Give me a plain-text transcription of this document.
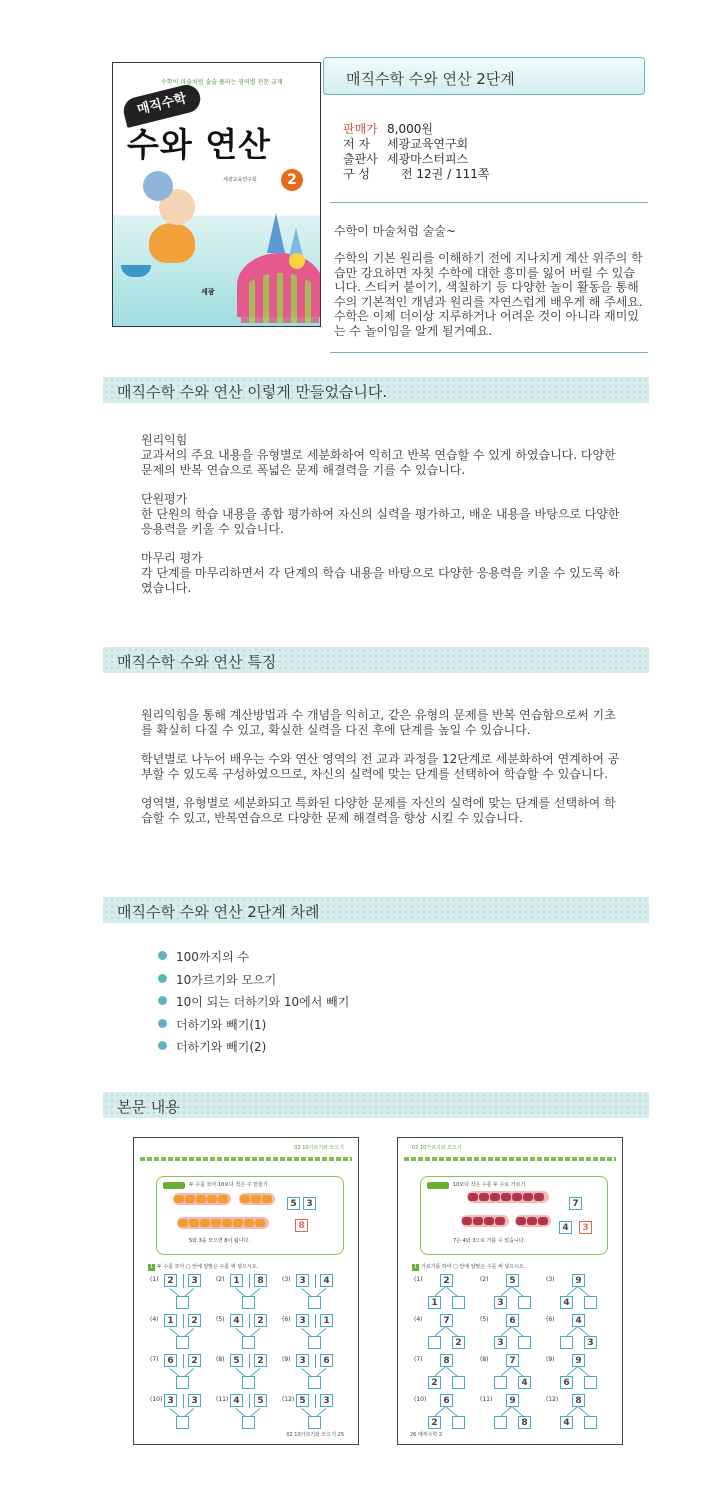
수학이 마술처럼 술술 풀리는 영역별 전문 교재
매직수학
수와 연산
세광교육연구회	2
세광
매직수학 수와 연산 2단계
판매가 8,000원
저 자 세광교육연구회
출판사 세광마스터피스
구 성	전 12권 / 111쪽
수학이 마술처럼 술술~
수학의 기본 원리를 이해하기 전에 지나치게 계산 위주의 학습만 강요하면 자칫 수학에 대한 흥미를 잃어 버릴 수 있습니다. 스티커 붙이기, 색칠하기 등 다양한 놀이 활동을 통해 수의 기본적인 개념과 원리를 자연스럽게 배우게 해 주세요. 수학은 이제 더이상 지루하거나 어려운 것이 아니라 재미있는 수 놀이임을 알게 될거예요.
매직수학 수와 연산 이렇게 만들었습니다.
원리익힘
교과서의 주요 내용을 유형별로 세분화하여 익히고 반복 연습할 수 있게 하였습니다. 다양한 문제의 반복 연습으로 폭넓은 문제 해결력을 기를 수 있습니다.
단원평가
한 단원의 학습 내용을 종합 평가하여 자신의 실력을 평가하고, 배운 내용을 바탕으로 다양한 응용력을 키울 수 있습니다.
마무리 평가
각 단계를 마무리하면서 각 단계의 학습 내용을 바탕으로 다양한 응용력을 키울 수 있도록 하였습니다.
매직수학 수와 연산 특징
원리익힘을 통해 계산방법과 수 개념을 익히고, 같은 유형의 문제를 반복 연습함으로써 기초를 확실히 다질 수 있고, 확실한 실력을 다진 후에 단계를 높일 수 있습니다.
학년별로 나누어 배우는 수와 연산 영역의 전 교과 과정을 12단계로 세분화하여 연계하여 공부할 수 있도록 구성하였으므로, 자신의 실력에 맞는 단계를 선택하여 학습할 수 있습니다.
영역별, 유형별로 세분화되고 특화된 다양한 문제를 자신의 실력에 맞는 단계를 선택하여 학습할 수 있고, 반복연습으로 다양한 문제 해결력을 향상 시킬 수 있습니다.
매직수학 수와 연산 2단계 차례
100까지의 수
10가르기와 모으기
10이 되는 더하기와 10에서 빼기
더하기와 빼기(1)
더하기와 빼기(2)
본문 내용
02 10가르기와 모으기
두 수를 모아 10보다 작은 수 만들기
5	3
8
5와 3을 모으면 8이 됩니다.
1 두 수를 모아 ▢ 안에 알맞은 수를 써 넣으시오.
(1) 2	3	(2) 1	8	(3) 3	4
(4) 1	2	(5) 4	2	(6) 3	1
(7) 6	2	(8) 5	2	(9) 3	6
(10) 3	3	(11) 4	5	(12) 5	3
02 10가르기와 모으기 25
02 10가르기와 모으기
10보다 작은 수를 두 수로 가르기
7
4	3
7은 4와 3으로 가를 수 있습니다.
1 가르기를 하여 ▢ 안에 알맞은 수를 써 넣으시오.
(1)	2
1
(2)	5
3
(3)	9
4
(4)	7
2
(5)	6
3
(6)	4
3
(7)	8
2
(8)	7
4
(9)	9
6
(10)	6
2
(11)	9
8
(12)	8
4
26 매직수학 2
